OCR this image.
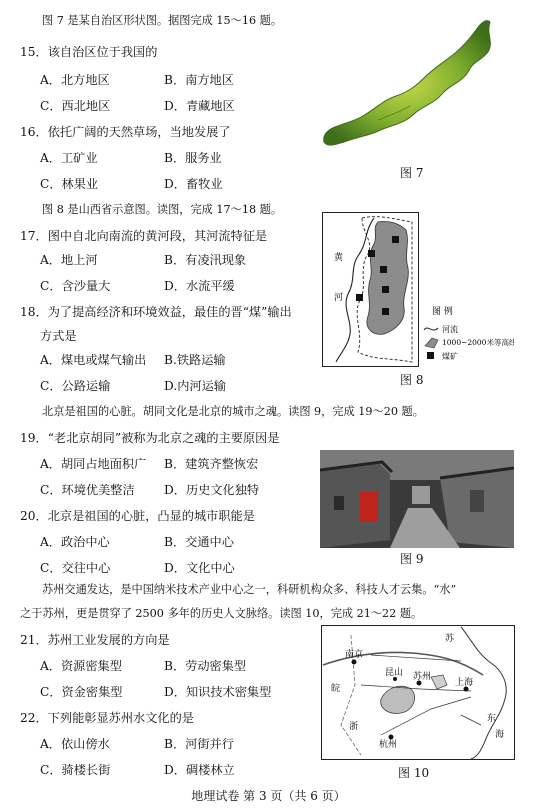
图 7 是某自治区形状图。据图完成 15～16 题。
15．该自治区位于我国的
A．北方地区	B．南方地区
C．西北地区	D．青藏地区
16．依托广阔的天然草场，当地发展了
A．工矿业	B．服务业
C．林果业	D．畜牧业
图 7
图 8 是山西省示意图。读图，完成 17～18 题。
17．图中自北向南流的黄河段，其河流特征是
A．地上河	B．有凌汛现象
C．含沙量大	D．水流平缓
18．为了提高经济和环境效益，最佳的晋“煤”输出
方式是
A．煤电或煤气输出 B.铁路运输
C．公路运输	D.内河运输
黄
河
图 例
河流
1000~2000米等高线
煤矿
图 8
北京是祖国的心脏。胡同文化是北京的城市之魂。读图 9，完成 19～20 题。
19．“老北京胡同”被称为北京之魂的主要原因是
A．胡同占地面积广 B．建筑齐整恢宏
C．环境优美整洁 D．历史文化独特
20．北京是祖国的心脏，凸显的城市职能是
A．政治中心	B．交通中心
C．交往中心	D．文化中心
图 9
苏州交通发达，是中国纳米技术产业中心之一，科研机构众多、科技人才云集。“水”
之于苏州，更是贯穿了 2500 多年的历史人文脉络。读图 10，完成 21～22 题。
21．苏州工业发展的方向是
A．资源密集型	B．劳动密集型
C．资金密集型	D．知识技术密集型
22．下列能彰显苏州水文化的是
A．依山傍水	B．河街并行
C．骑楼长街	D．碉楼林立
南京
昆山 苏州
上海
杭州
皖
苏
浙
东
海
图 10
地理试卷 第 3 页（共 6 页）
